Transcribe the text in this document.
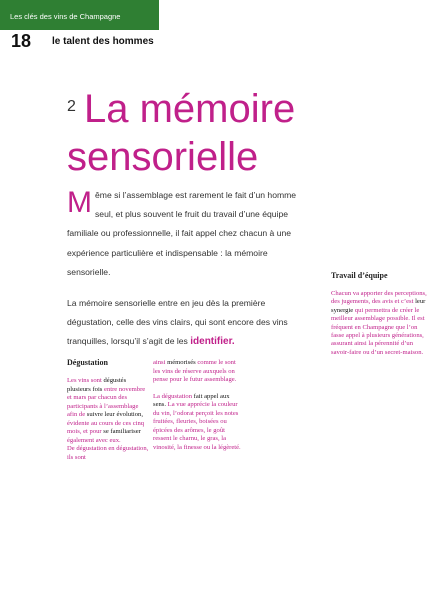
Les clés des vins de Champagne
18 le talent des hommes
2 La mémoire
sensorielle
Même si l’assemblage est rarement le fait d’un homme seul, et plus souvent le fruit du travail d’une équipe familiale ou professionnelle, il fait appel chez chacun à une expérience particulière et indispensable : la mémoire sensorielle.
La mémoire sensorielle entre en jeu dès la première dégustation, celle des vins clairs, qui sont encore des vins tranquilles, lorsqu’il s’agit de les identifier.
Travail d’équipe
Chacun va apporter des perceptions, des jugements, des avis et c’est leur synergie qui permettra de créer le meilleur assemblage possible. Il est fréquent en Champagne que l’on fasse appel à plusieurs générations, assurant ainsi la pérennité d’un savoir-faire ou d’un secret-maison.
Dégustation
Les vins sont dégustés plusieurs fois entre novembre et mars par chacun des participants à l’assemblage afin de suivre leur évolution, évidente au cours de ces cinq mois, et pour se familiariser également avec eux.
De dégustation en dégustation, ils sont
ainsi mémorisés comme le sont les vins de réserve auxquels on pense pour le futur assemblage.
La dégustation fait appel aux sens. La vue apprécie la couleur du vin, l’odorat perçoit les notes fruitées, fleuries, boisées ou épicées des arômes, le goût ressent le charnu, le gras, la vinosité, la finesse ou la légèreté.
